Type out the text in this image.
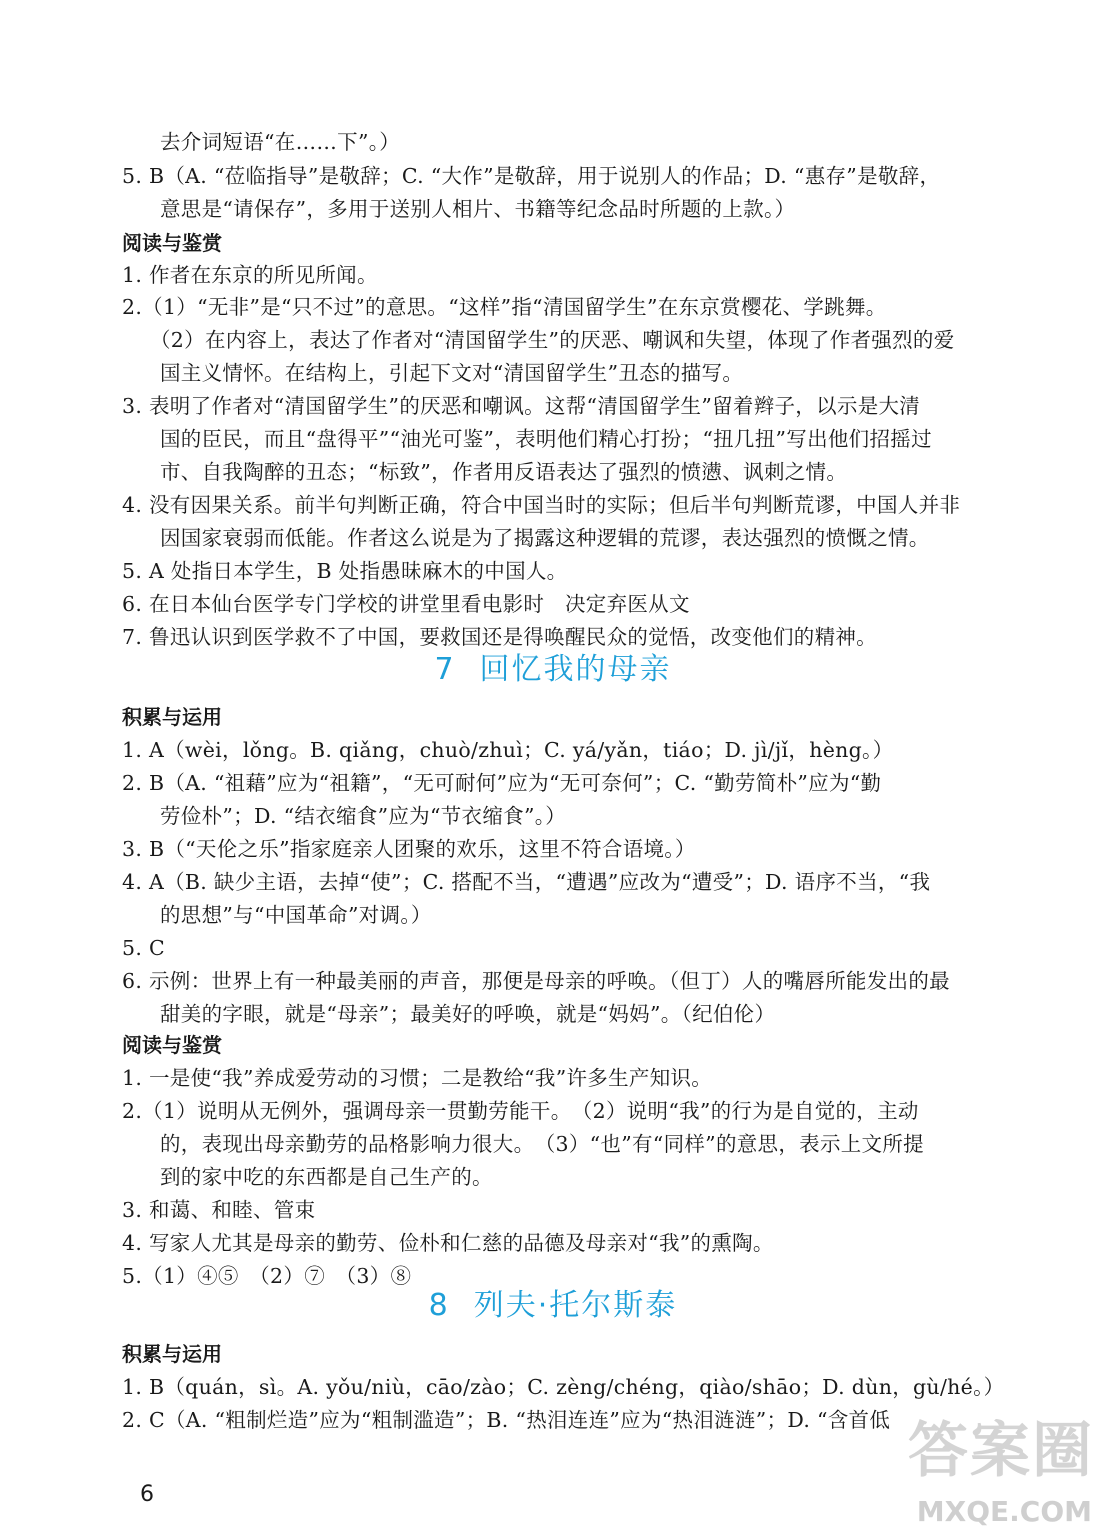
去介词短语“在……下”。）
5. B（A. “莅临指导”是敬辞；C. “大作”是敬辞，用于说别人的作品；D. “惠存”是敬辞，
意思是“请保存”，多用于送别人相片、书籍等纪念品时所题的上款。）
阅读与鉴赏
1. 作者在东京的所见所闻。
2.（1）“无非”是“只不过”的意思。“这样”指“清国留学生”在东京赏樱花、学跳舞。
（2）在内容上，表达了作者对“清国留学生”的厌恶、嘲讽和失望，体现了作者强烈的爱
国主义情怀。在结构上，引起下文对“清国留学生”丑态的描写。
3. 表明了作者对“清国留学生”的厌恶和嘲讽。这帮“清国留学生”留着辫子，以示是大清
国的臣民，而且“盘得平”“油光可鉴”，表明他们精心打扮；“扭几扭”写出他们招摇过
市、自我陶醉的丑态；“标致”，作者用反语表达了强烈的愤懑、讽刺之情。
4. 没有因果关系。前半句判断正确，符合中国当时的实际；但后半句判断荒谬，中国人并非
因国家衰弱而低能。作者这么说是为了揭露这种逻辑的荒谬，表达强烈的愤慨之情。
5. A 处指日本学生，B 处指愚昧麻木的中国人。
6. 在日本仙台医学专门学校的讲堂里看电影时　决定弃医从文
7. 鲁迅认识到医学救不了中国，要救国还是得唤醒民众的觉悟，改变他们的精神。
7 回忆我的母亲
积累与运用
1. A（wèi，lǒng。B. qiǎng，chuò/zhuì；C. yá/yǎn，tiáo；D. jì/jǐ，hèng。）
2. B（A. “祖藉”应为“祖籍”，“无可耐何”应为“无可奈何”；C. “勤劳简朴”应为“勤
劳俭朴”；D. “结衣缩食”应为“节衣缩食”。）
3. B（“天伦之乐”指家庭亲人团聚的欢乐，这里不符合语境。）
4. A（B. 缺少主语，去掉“使”；C. 搭配不当，“遭遇”应改为“遭受”；D. 语序不当，“我
的思想”与“中国革命”对调。）
5. C
6. 示例：世界上有一种最美丽的声音，那便是母亲的呼唤。（但丁）人的嘴唇所能发出的最
甜美的字眼，就是“母亲”；最美好的呼唤，就是“妈妈”。（纪伯伦）
阅读与鉴赏
1. 一是使“我”养成爱劳动的习惯；二是教给“我”许多生产知识。
2.（1）说明从无例外，强调母亲一贯勤劳能干。　（2）说明“我”的行为是自觉的，主动
的，表现出母亲勤劳的品格影响力很大。　（3）“也”有“同样”的意思，表示上文所提
到的家中吃的东西都是自己生产的。
3. 和蔼、和睦、管束
4. 写家人尤其是母亲的勤劳、俭朴和仁慈的品德及母亲对“我”的熏陶。
5.（1）④⑤　（2）⑦　（3）⑧
8 列夫·托尔斯泰
积累与运用
1. B（quán，sì。A. yǒu/niù，cāo/zào；C. zèng/chéng，qiào/shāo；D. dùn，gù/hé。）
2. C（A. “粗制烂造”应为“粗制滥造”；B. “热泪连连”应为“热泪涟涟”；D. “含首低
6
答案圈
MXQE.COM
